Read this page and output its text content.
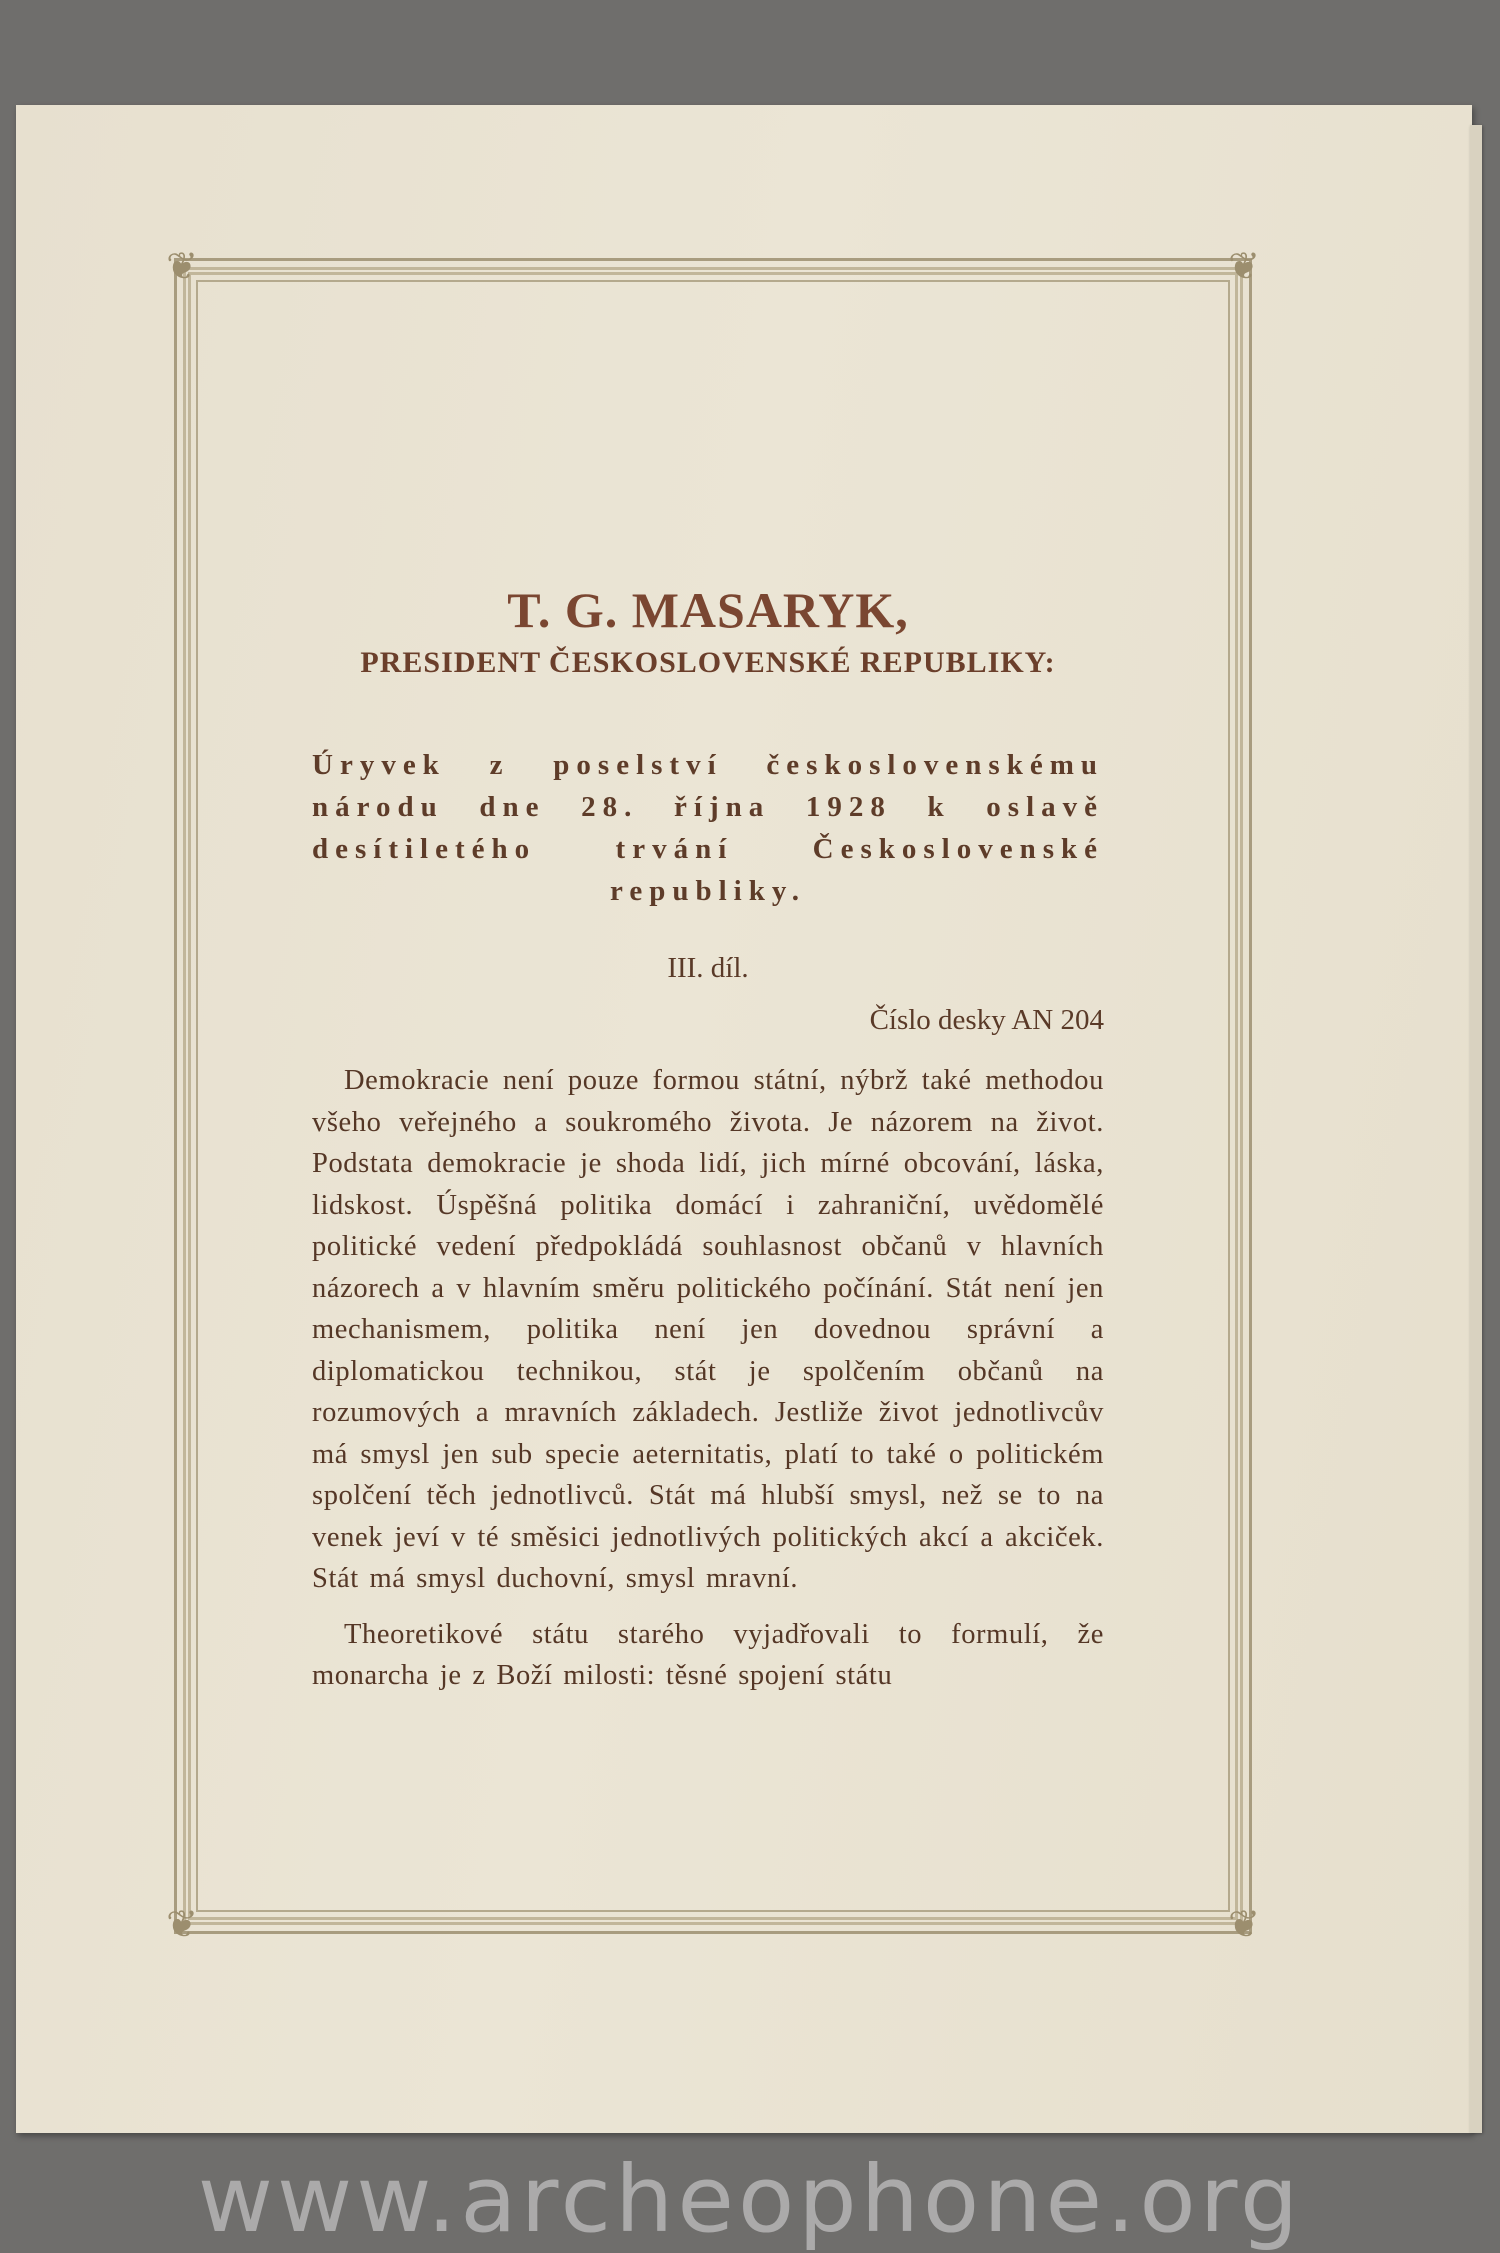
❦	❦
❦	❦
T. G. MASARYK,
PRESIDENT ČESKOSLOVENSKÉ REPUBLIKY:
Úryvek z poselství československému národu dne 28. října 1928 k oslavě desítiletého trvání Československé republiky.
III. díl.
Číslo desky AN 204

Demokracie není pouze formou státní, nýbrž také methodou všeho veřejného a soukromého života. Je názorem na život. Podstata demokracie je shoda lidí, jich mírné obcování, láska, lidskost. Úspěšná politika domácí i zahraniční, uvědomělé politické vedení předpokládá souhlasnost občanů v hlavních názorech a v hlavním směru politického počínání. Stát není jen mechanismem, politika není jen dovednou správní a diplomatickou technikou, stát je spolčením občanů na rozumových a mravních základech. Jestliže život jednotlivcův má smysl jen sub specie aeternitatis, platí to také o politickém spolčení těch jednotlivců. Stát má hlubší smysl, než se to na venek jeví v té směsici jednotlivých politických akcí a akciček. Stát má smysl duchovní, smysl mravní.

Theoretikové státu starého vyjadřovali to formulí, že monarcha je z Boží milosti: těsné spojení státu

www.archeophone.org
